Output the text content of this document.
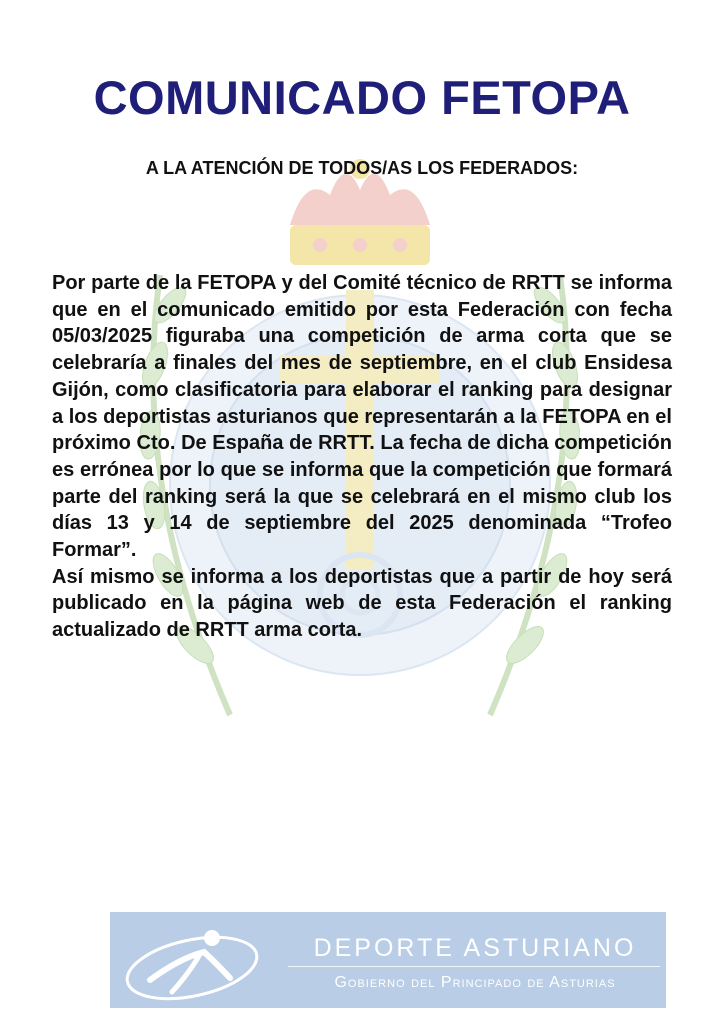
COMUNICADO FETOPA
A LA ATENCIÓN DE TODOS/AS LOS FEDERADOS:

Por parte de la FETOPA y del Comité técnico de RRTT se informa que en el comunicado emitido por esta Federación con fecha 05/03/2025 figuraba una competición de arma corta que se celebraría a finales del mes de septiembre, en el club Ensidesa Gijón, como clasificatoria para elaborar el ranking para designar a los deportistas asturianos que representarán a la FETOPA en el próximo Cto. De España de RRTT. La fecha de dicha competición es errónea por lo que se informa que la competición que formará parte del ranking será la que se celebrará en el mismo club los días 13 y 14 de septiembre del 2025 denominada “Trofeo Formar”.

Así mismo se informa a los deportistas que a partir de hoy será publicado en la página web de esta Federación el ranking actualizado de RRTT arma corta.

DEPORTE ASTURIANO

Gobierno del Principado de Asturias
